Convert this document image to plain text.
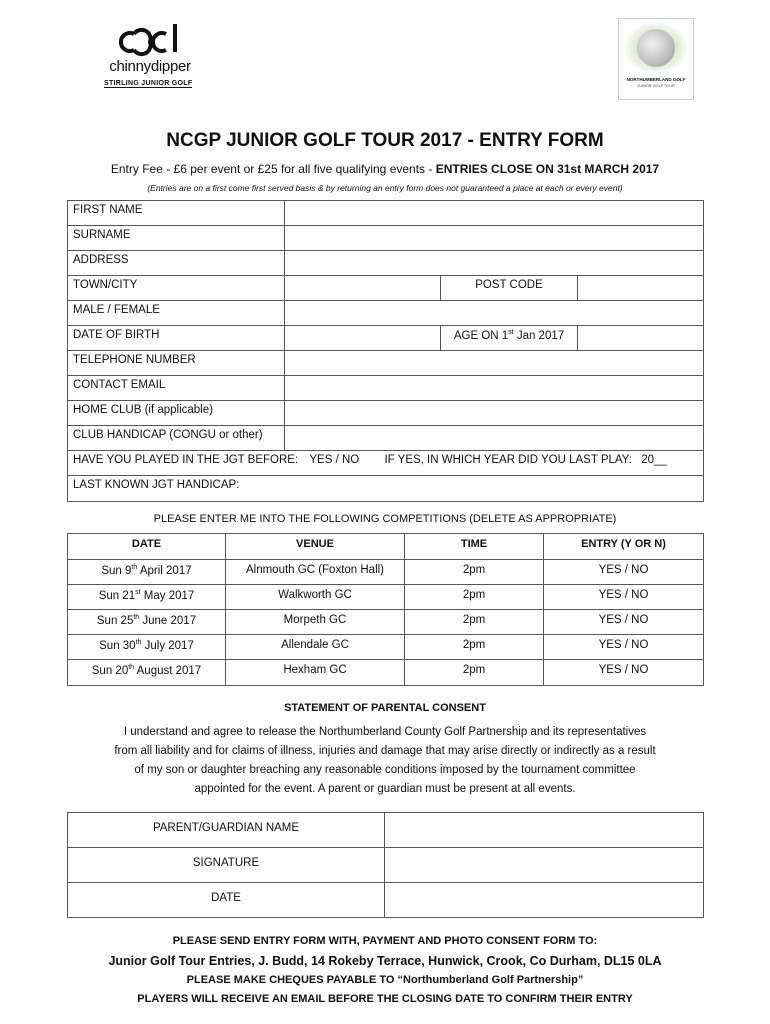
chinnydipper
STIRLING JUNIOR GOLF
NORTHUMBERLAND GOLF
JUNIOR GOLF TOUR
NCGP JUNIOR GOLF TOUR 2017 - ENTRY FORM
Entry Fee - £6 per event or £25 for all five qualifying events - ENTRIES CLOSE ON 31st MARCH 2017
(Entries are on a first come first served basis & by returning an entry form does not guaranteed a place at each or every event)
FIRST NAME
SURNAME
ADDRESS
TOWN/CITY	POST CODE
MALE / FEMALE
DATE OF BIRTH	AGE ON 1st Jan 2017
TELEPHONE NUMBER
CONTACT EMAIL
HOME CLUB (if applicable)
CLUB HANDICAP (CONGU or other)
HAVE YOU PLAYED IN THE JGT BEFORE: YES / NO IF YES, IN WHICH YEAR DID YOU LAST PLAY: 20__
LAST KNOWN JGT HANDICAP:
PLEASE ENTER ME INTO THE FOLLOWING COMPETITIONS (DELETE AS APPROPRIATE)
DATE	VENUE	TIME	ENTRY (Y OR N)
Sun 9th April 2017	Alnmouth GC (Foxton Hall)	2pm	YES / NO
Sun 21st May 2017	Walkworth GC	2pm	YES / NO
Sun 25th June 2017	Morpeth GC	2pm	YES / NO
Sun 30th July 2017	Allendale GC	2pm	YES / NO
Sun 20th August 2017	Hexham GC	2pm	YES / NO
STATEMENT OF PARENTAL CONSENT
I understand and agree to release the Northumberland County Golf Partnership and its representatives
from all liability and for claims of illness, injuries and damage that may arise directly or indirectly as a result
of my son or daughter breaching any reasonable conditions imposed by the tournament committee
appointed for the event. A parent or guardian must be present at all events.
PARENT/GUARDIAN NAME
SIGNATURE
DATE
PLEASE SEND ENTRY FORM WITH, PAYMENT AND PHOTO CONSENT FORM TO:
Junior Golf Tour Entries, J. Budd, 14 Rokeby Terrace, Hunwick, Crook, Co Durham, DL15 0LA
PLEASE MAKE CHEQUES PAYABLE TO “Northumberland Golf Partnership”
PLAYERS WILL RECEIVE AN EMAIL BEFORE THE CLOSING DATE TO CONFIRM THEIR ENTRY
